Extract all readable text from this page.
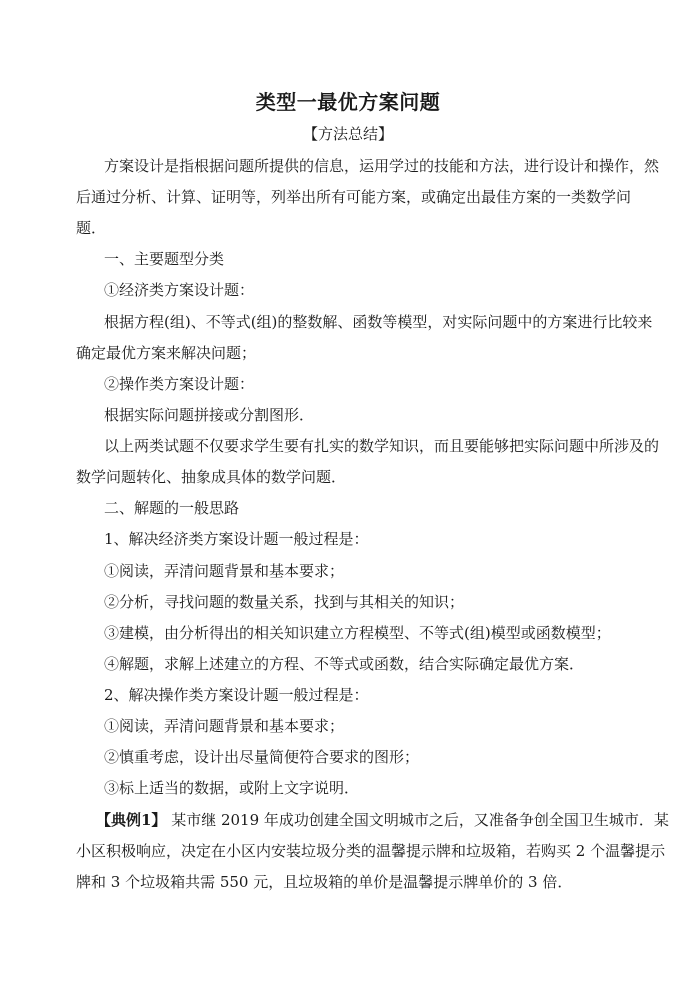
类型一最优方案问题
【方法总结】
方案设计是指根据问题所提供的信息，运用学过的技能和方法，进行设计和操作，然
后通过分析、计算、证明等，列举出所有可能方案，或确定出最佳方案的一类数学问
题．
一、主要题型分类
①经济类方案设计题：
根据方程(组)、不等式(组)的整数解、函数等模型，对实际问题中的方案进行比较来
确定最优方案来解决问题；
②操作类方案设计题：
根据实际问题拼接或分割图形．
以上两类试题不仅要求学生要有扎实的数学知识，而且要能够把实际问题中所涉及的
数学问题转化、抽象成具体的数学问题．
二、解题的一般思路
1、解决经济类方案设计题一般过程是：
①阅读，弄清问题背景和基本要求；
②分析，寻找问题的数量关系，找到与其相关的知识；
③建模，由分析得出的相关知识建立方程模型、不等式(组)模型或函数模型；
④解题，求解上述建立的方程、不等式或函数，结合实际确定最优方案．
2、解决操作类方案设计题一般过程是：
①阅读，弄清问题背景和基本要求；
②慎重考虑，设计出尽量简便符合要求的图形；
③标上适当的数据，或附上文字说明．
【典例1】 某市继 2019 年成功创建全国文明城市之后，又准备争创全国卫生城市．某
小区积极响应，决定在小区内安装垃圾分类的温馨提示牌和垃圾箱，若购买 2 个温馨提示
牌和 3 个垃圾箱共需 550 元，且垃圾箱的单价是温馨提示牌单价的 3 倍．
